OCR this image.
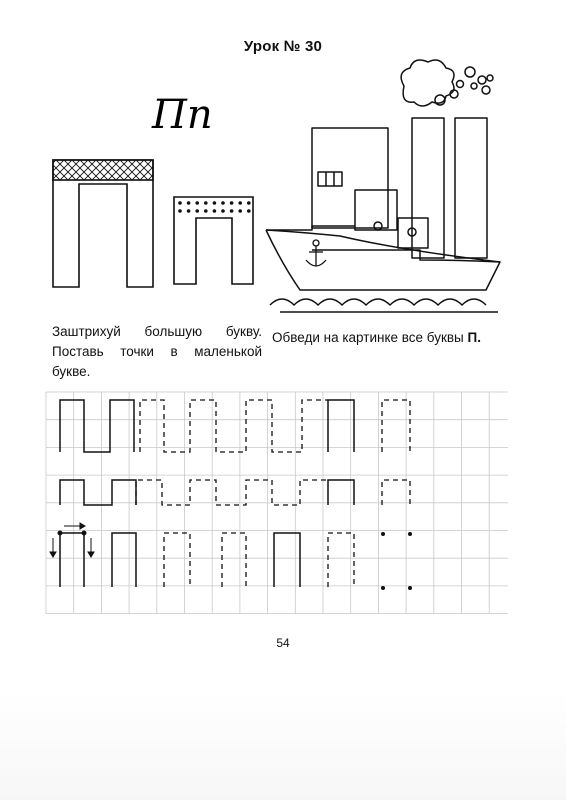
Урок № 30
Пп
Заштрихуй большую букву. Поставь точки в маленькой букве.
Обведи на картинке все буквы П.
54
